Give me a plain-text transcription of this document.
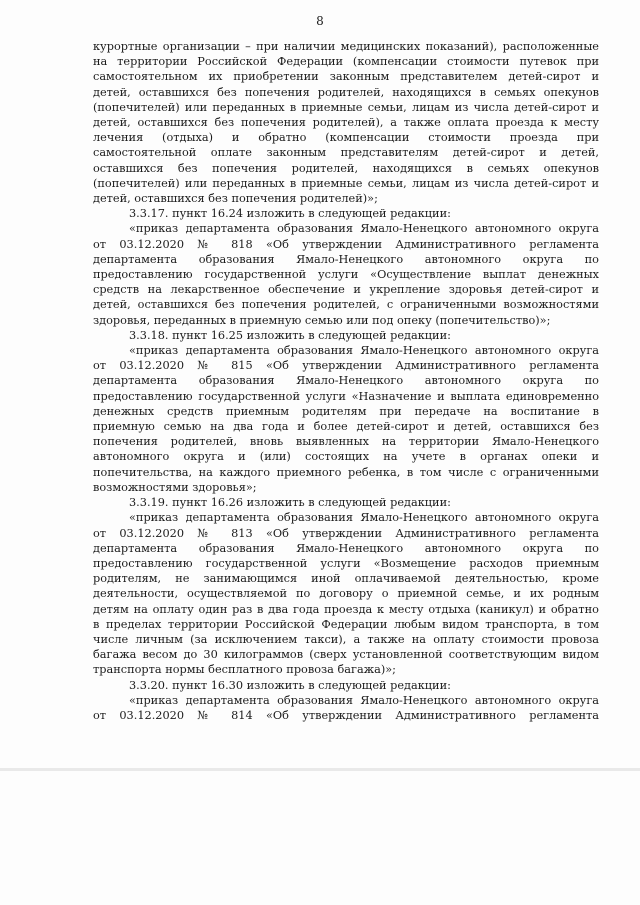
8
курортные организации – при наличии медицинских показаний), расположенные
на территории Российской Федерации (компенсации стоимости путевок при
самостоятельном их приобретении законным представителем детей-сирот и
детей, оставшихся без попечения родителей, находящихся в семьях опекунов
(попечителей) или переданных в приемные семьи, лицам из числа детей-сирот и
детей, оставшихся без попечения родителей), а также оплата проезда к месту
лечения (отдыха) и обратно (компенсации стоимости проезда при
самостоятельной оплате законным представителям детей-сирот и детей,
оставшихся без попечения родителей, находящихся в семьях опекунов
(попечителей) или переданных в приемные семьи, лицам из числа детей-сирот и
детей, оставшихся без попечения родителей)»;
3.3.17. пункт 16.24 изложить в следующей редакции:
«приказ департамента образования Ямало-Ненецкого автономного округа
от 03.12.2020 № 818 «Об утверждении Административного регламента
департамента образования Ямало-Ненецкого автономного округа по
предоставлению государственной услуги «Осуществление выплат денежных
средств на лекарственное обеспечение и укрепление здоровья детей-сирот и
детей, оставшихся без попечения родителей, с ограниченными возможностями
здоровья, переданных в приемную семью или под опеку (попечительство)»;
3.3.18. пункт 16.25 изложить в следующей редакции:
«приказ департамента образования Ямало-Ненецкого автономного округа
от 03.12.2020 № 815 «Об утверждении Административного регламента
департамента образования Ямало-Ненецкого автономного округа по
предоставлению государственной услуги «Назначение и выплата единовременно
денежных средств приемным родителям при передаче на воспитание в
приемную семью на два года и более детей-сирот и детей, оставшихся без
попечения родителей, вновь выявленных на территории Ямало-Ненецкого
автономного округа и (или) состоящих на учете в органах опеки и
попечительства, на каждого приемного ребенка, в том числе с ограниченными
возможностями здоровья»;
3.3.19. пункт 16.26 изложить в следующей редакции:
«приказ департамента образования Ямало-Ненецкого автономного округа
от 03.12.2020 № 813 «Об утверждении Административного регламента
департамента образования Ямало-Ненецкого автономного округа по
предоставлению государственной услуги «Возмещение расходов приемным
родителям, не занимающимся иной оплачиваемой деятельностью, кроме
деятельности, осуществляемой по договору о приемной семье, и их родным
детям на оплату один раз в два года проезда к месту отдыха (каникул) и обратно
в пределах территории Российской Федерации любым видом транспорта, в том
числе личным (за исключением такси), а также на оплату стоимости провоза
багажа весом до 30 килограммов (сверх установленной соответствующим видом
транспорта нормы бесплатного провоза багажа)»;
3.3.20. пункт 16.30 изложить в следующей редакции:
«приказ департамента образования Ямало-Ненецкого автономного округа
от 03.12.2020 № 814 «Об утверждении Административного регламента
